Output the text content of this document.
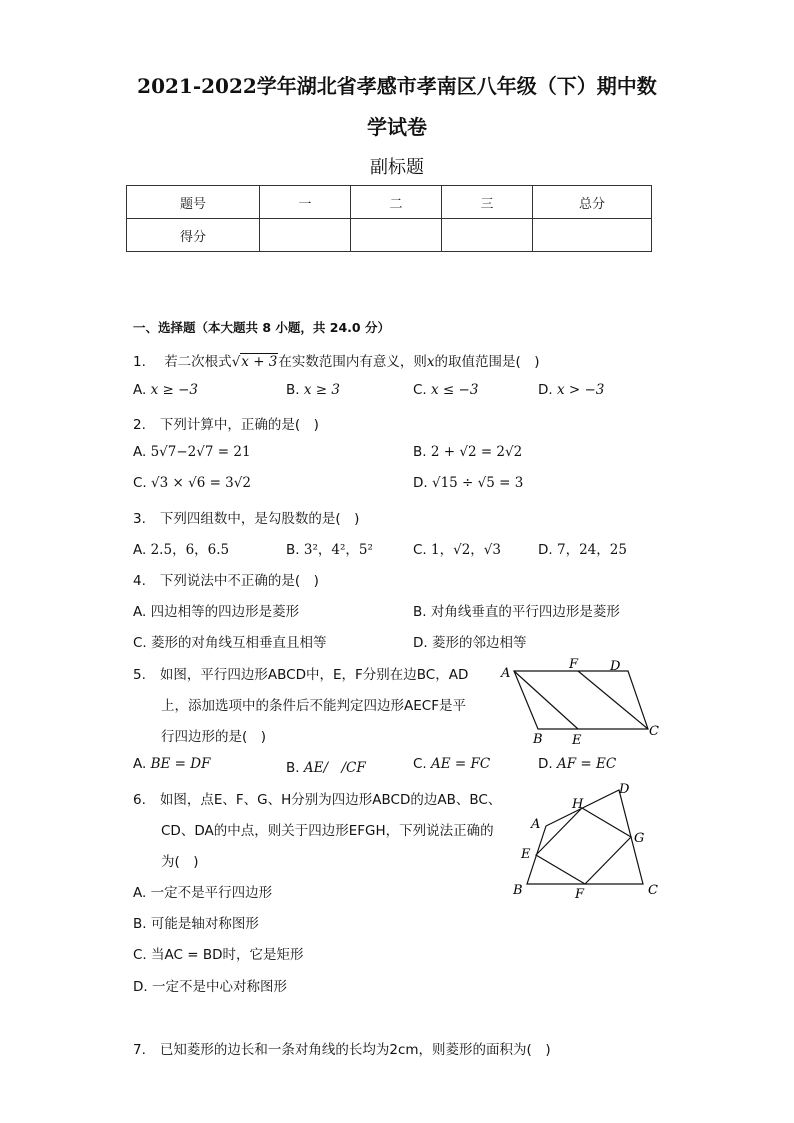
2021-2022学年湖北省孝感市孝南区八年级（下）期中数
学试卷
副标题
题号	一	二	三	总分
得分				
一、选择题（本大题共 8 小题，共 24.0 分）
1. 若二次根式√x + 3在实数范围内有意义，则x的取值范围是(　)
A. x ≥ −3	B. x ≥ 3	C. x ≤ −3	D. x > −3
2. 下列计算中，正确的是(　)
A. 5√7−2√7 = 21	B. 2 + √2 = 2√2
C. √3 × √6 = 3√2	D. √15 ÷ √5 = 3
3. 下列四组数中，是勾股数的是(　)
A. 2.5，6，6.5	B. 3²，4²，5²	C. 1，√2，√3	D. 7，24，25
4. 下列说法中不正确的是(　)
A. 四边相等的四边形是菱形	B. 对角线垂直的平行四边形是菱形
C. 菱形的对角线互相垂直且相等	D. 菱形的邻边相等
5. 如图，平行四边形ABCD中，E，F分别在边BC，AD
上，添加选项中的条件后不能判定四边形AECF是平
行四边形的是(　)
A. BE = DF	B. AE/　/CF	C. AE = FC	D. AF = EC
A
B
C
D
E
F
6. 如图，点E、F、G、H分别为四边形ABCD的边AB、BC、
CD、DA的中点，则关于四边形EFGH，下列说法正确的
为(　)
A. 一定不是平行四边形
B. 可能是轴对称图形
C. 当AC = BD时，它是矩形
D. 一定不是中心对称图形
A
B	C
D
E
F
G
H
7. 已知菱形的边长和一条对角线的长均为2cm，则菱形的面积为(　)
